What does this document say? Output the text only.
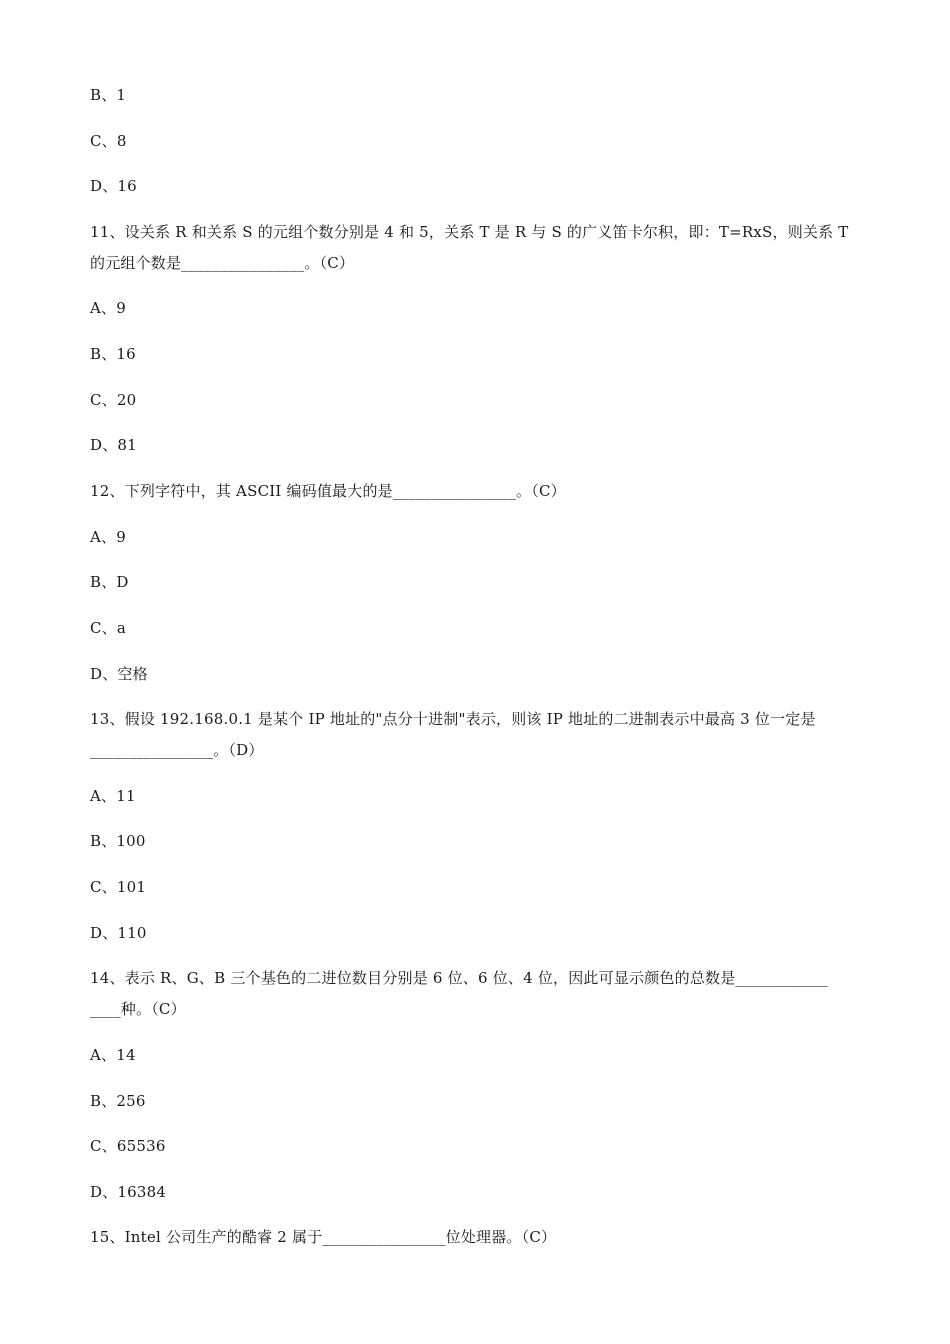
B、1
C、8
D、16
11、设关系 R 和关系 S 的元组个数分别是 4 和 5，关系 T 是 R 与 S 的广义笛卡尔积，即：T=RxS，则关系 T
的元组个数是________________。（C）
A、9
B、16
C、20
D、81
12、下列字符中，其 ASCII 编码值最大的是________________。（C）
A、9
B、D
C、a
D、空格
13、假设 192.168.0.1 是某个 IP 地址的"点分十进制"表示，则该 IP 地址的二进制表示中最高 3 位一定是
________________。（D）
A、11
B、100
C、101
D、110
14、表示 R、G、B 三个基色的二进位数目分别是 6 位、6 位、4 位，因此可显示颜色的总数是____________
____种。（C）
A、14
B、256
C、65536
D、16384
15、Intel 公司生产的酷睿 2 属于________________位处理器。（C）
